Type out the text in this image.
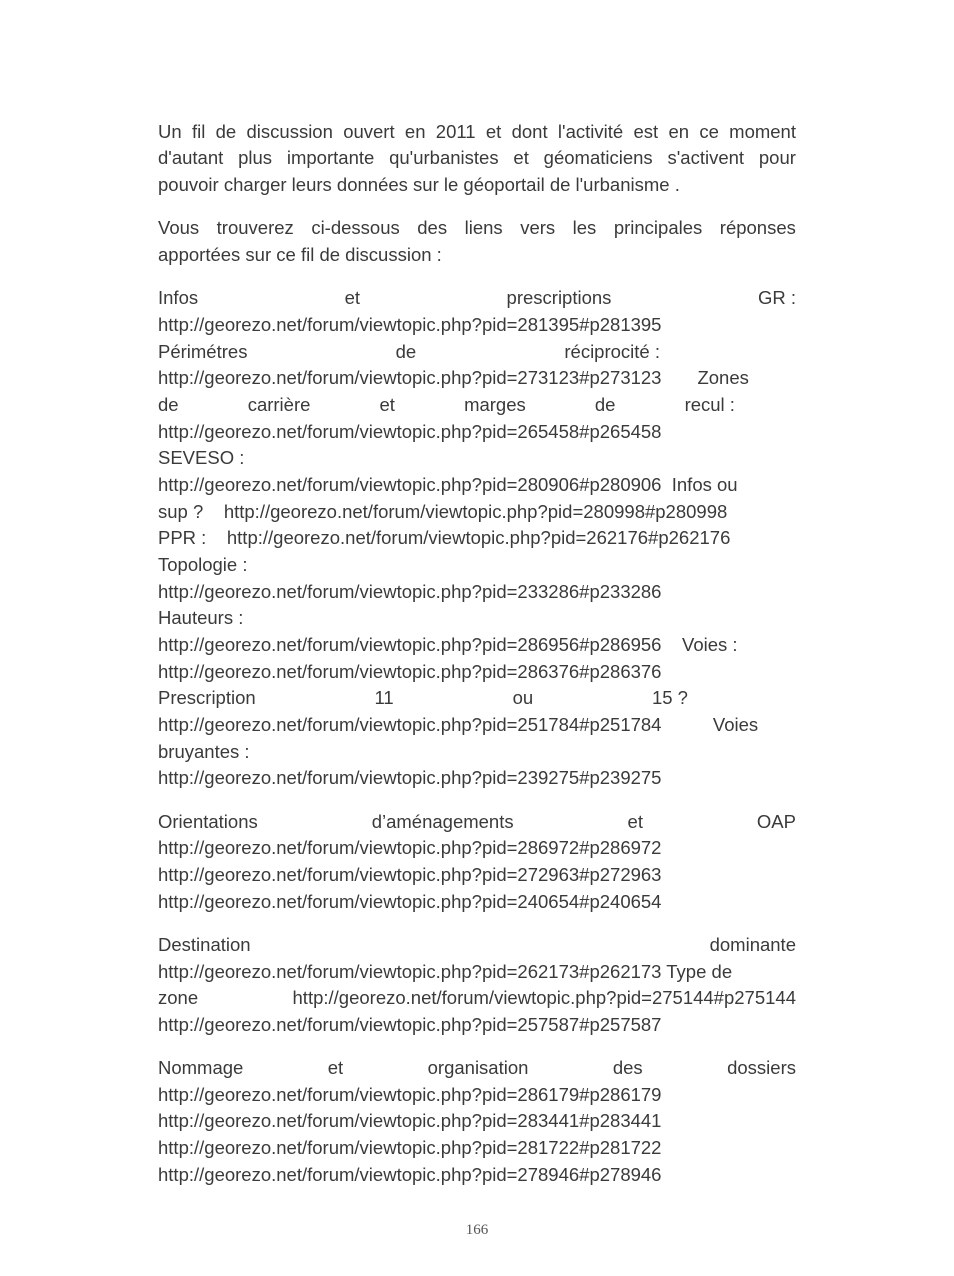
Un fil de discussion ouvert en 2011 et dont l'activité est en ce moment
d'autant plus importante qu'urbanistes et géomaticiens s'activent pour
pouvoir charger leurs données sur le géoportail de l'urbanisme .
Vous trouverez ci-dessous des liens vers les principales réponses
apportées sur ce fil de discussion :
Infos	et	prescriptions	GR :
http://georezo.net/forum/viewtopic.php?pid=281395#p281395
Périmétres	de	réciprocité :
http://georezo.net/forum/viewtopic.php?pid=273123#p273123       Zones
de	carrière	et	marges	de	recul :
http://georezo.net/forum/viewtopic.php?pid=265458#p265458
SEVESO :
http://georezo.net/forum/viewtopic.php?pid=280906#p280906  Infos ou
sup ?    http://georezo.net/forum/viewtopic.php?pid=280998#p280998
PPR :    http://georezo.net/forum/viewtopic.php?pid=262176#p262176
Topologie :
http://georezo.net/forum/viewtopic.php?pid=233286#p233286
Hauteurs :
http://georezo.net/forum/viewtopic.php?pid=286956#p286956    Voies :
http://georezo.net/forum/viewtopic.php?pid=286376#p286376
Prescription	11	ou	15 ?
http://georezo.net/forum/viewtopic.php?pid=251784#p251784          Voies
bruyantes :
http://georezo.net/forum/viewtopic.php?pid=239275#p239275
Orientations	d’aménagements	et	OAP
http://georezo.net/forum/viewtopic.php?pid=286972#p286972
http://georezo.net/forum/viewtopic.php?pid=272963#p272963
http://georezo.net/forum/viewtopic.php?pid=240654#p240654
Destination	dominante
http://georezo.net/forum/viewtopic.php?pid=262173#p262173 Type de
zone	http://georezo.net/forum/viewtopic.php?pid=275144#p275144
http://georezo.net/forum/viewtopic.php?pid=257587#p257587
Nommage	et	organisation	des	dossiers
http://georezo.net/forum/viewtopic.php?pid=286179#p286179
http://georezo.net/forum/viewtopic.php?pid=283441#p283441
http://georezo.net/forum/viewtopic.php?pid=281722#p281722
http://georezo.net/forum/viewtopic.php?pid=278946#p278946
166
